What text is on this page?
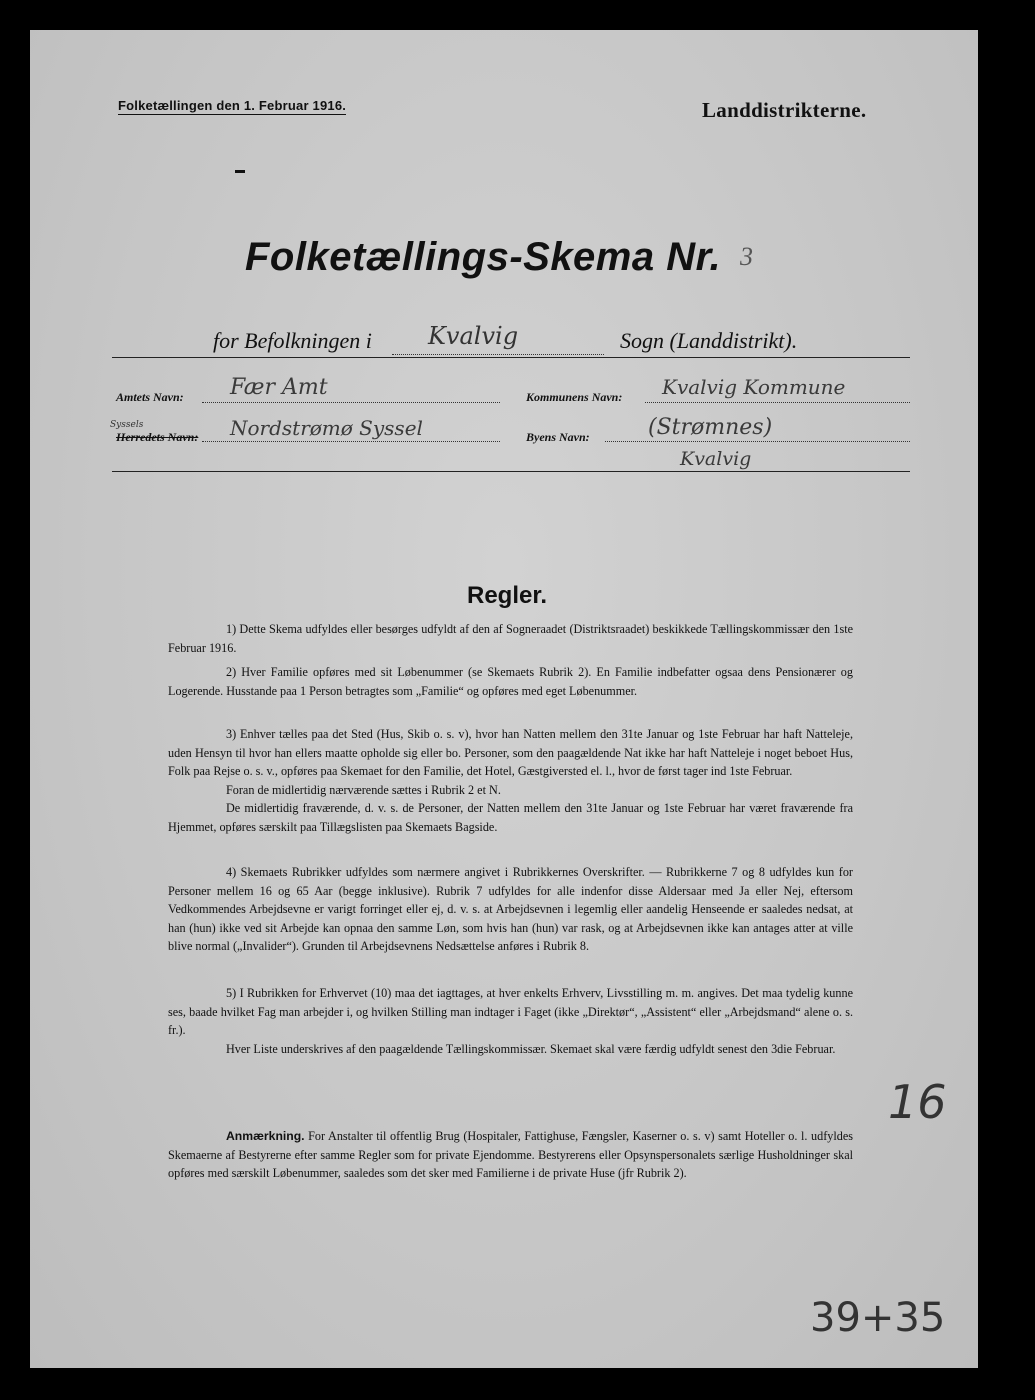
Folketællingen den 1. Februar 1916.	Landdistrikterne.
Folketællings-Skema Nr. 3
for Befolkningen i Kvalvig	Sogn (Landdistrikt).
Amtets Navn: Fær Amt	Kommunens Navn: Kvalvig Kommune
Syssels
Herredets Navn: Nordstrømø Syssel	Byens Navn:	(Strømnes)
Kvalvig
Regler.

1) Dette Skema udfyldes eller besørges udfyldt af den af Sogneraadet (Distriktsraadet) beskikkede Tællingskommissær den 1ste Februar 1916.

2) Hver Familie opføres med sit Løbenummer (se Skemaets Rubrik 2). En Familie indbefatter ogsaa dens Pensionærer og Logerende. Husstande paa 1 Person betragtes som „Familie“ og opføres med eget Løbenummer.

3) Enhver tælles paa det Sted (Hus, Skib o. s. v), hvor han Natten mellem den 31te Januar og 1ste Februar har haft Natteleje, uden Hensyn til hvor han ellers maatte opholde sig eller bo. Personer, som den paagældende Nat ikke har haft Natteleje i noget beboet Hus, Folk paa Rejse o. s. v., opføres paa Skemaet for den Familie, det Hotel, Gæstgiversted el. l., hvor de først tager ind 1ste Februar.

Foran de midlertidig nærværende sættes i Rubrik 2 et N.

De midlertidig fraværende, d. v. s. de Personer, der Natten mellem den 31te Januar og 1ste Februar har været fraværende fra Hjemmet, opføres særskilt paa Tillægslisten paa Skemaets Bagside.

4) Skemaets Rubrikker udfyldes som nærmere angivet i Rubrikkernes Overskrifter. — Rubrikkerne 7 og 8 udfyldes kun for Personer mellem 16 og 65 Aar (begge inklusive). Rubrik 7 udfyldes for alle indenfor disse Aldersaar med Ja eller Nej, eftersom Vedkommendes Arbejdsevne er varigt forringet eller ej, d. v. s. at Arbejdsevnen i legemlig eller aandelig Henseende er saaledes nedsat, at han (hun) ikke ved sit Arbejde kan opnaa den samme Løn, som hvis han (hun) var rask, og at Arbejdsevnen ikke kan antages atter at ville blive normal („Invalider“). Grunden til Arbejdsevnens Nedsættelse anføres i Rubrik 8.

5) I Rubrikken for Erhvervet (10) maa det iagttages, at hver enkelts Erhverv, Livsstilling m. m. angives. Det maa tydelig kunne ses, baade hvilket Fag man arbejder i, og hvilken Stilling man indtager i Faget (ikke „Direktør“, „Assistent“ eller „Arbejdsmand“ alene o. s. fr.).

Hver Liste underskrives af den paagældende Tællingskommissær. Skemaet skal være færdig udfyldt senest den 3die Februar.

Anmærkning. For Anstalter til offentlig Brug (Hospitaler, Fattighuse, Fængsler, Kaserner o. s. v) samt Hoteller o. l. udfyldes Skemaerne af Bestyrerne efter samme Regler som for private Ejendomme. Bestyrerens eller Opsynspersonalets særlige Husholdninger skal opføres med særskilt Løbenummer, saaledes som det sker med Familierne i de private Huse (jfr Rubrik 2).

16
39+35
